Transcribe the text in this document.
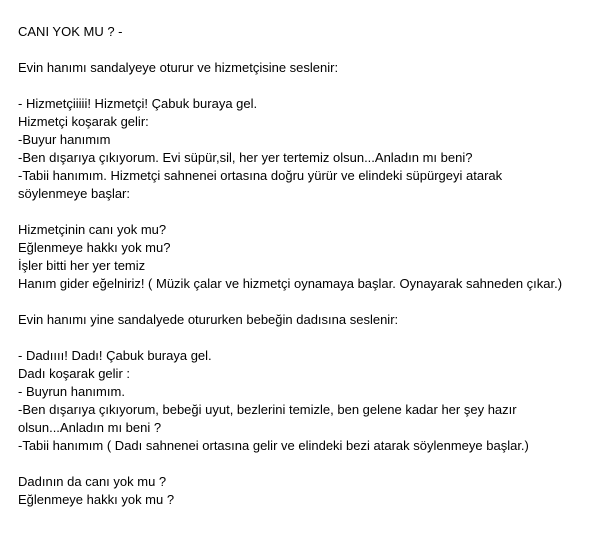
CANI YOK MU ? -
Evin hanımı sandalyeye oturur ve hizmetçisine seslenir:
- Hizmetçiiiii! Hizmetçi! Çabuk buraya gel.
Hizmetçi koşarak gelir:
-Buyur hanımım
-Ben dışarıya çıkıyorum. Evi süpür,sil, her yer tertemiz olsun...Anladın mı beni?
-Tabii hanımım. Hizmetçi sahnenei ortasına doğru yürür ve elindeki süpürgeyi atarak
söylenmeye başlar:
Hizmetçinin canı yok mu?
Eğlenmeye hakkı yok mu?
İşler bitti her yer temiz
Hanım gider eğelniriz! ( Müzik çalar ve hizmetçi oynamaya başlar. Oynayarak sahneden çıkar.)
Evin hanımı yine sandalyede otururken bebeğin dadısına seslenir:
- Dadıııı! Dadı! Çabuk buraya gel.
Dadı koşarak gelir :
- Buyrun hanımım.
-Ben dışarıya çıkıyorum, bebeği uyut, bezlerini temizle, ben gelene kadar her şey hazır
olsun...Anladın mı beni ?
-Tabii hanımım ( Dadı sahnenei ortasına gelir ve elindeki bezi atarak söylenmeye başlar.)
Dadının da canı yok mu ?
Eğlenmeye hakkı yok mu ?
